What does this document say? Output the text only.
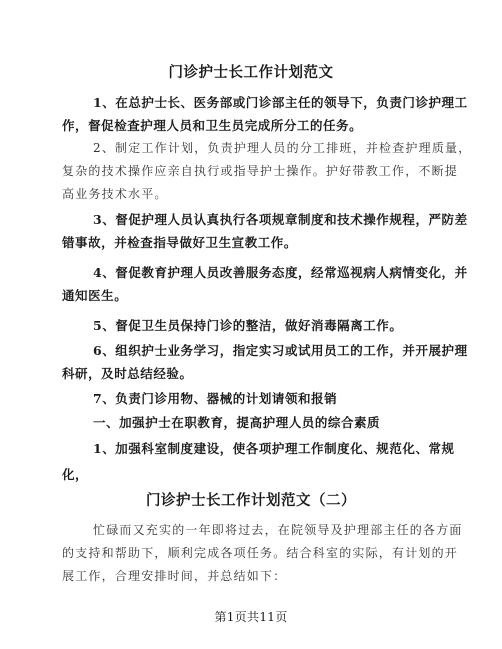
门诊护士长工作计划范文
1、在总护士长、医务部或门诊部主任的领导下，负责门诊护理工
作，督促检查护理人员和卫生员完成所分工的任务。
2、制定工作计划，负责护理人员的分工排班，并检查护理质量，
复杂的技术操作应亲自执行或指导护士操作。护好带教工作，不断提
高业务技术水平。
3、督促护理人员认真执行各项规章制度和技术操作规程，严防差
错事故，并检查指导做好卫生宣教工作。
4、督促教育护理人员改善服务态度，经常巡视病人病情变化，并
通知医生。
5、督促卫生员保持门诊的整洁，做好消毒隔离工作。
6、组织护士业务学习，指定实习或试用员工的工作，并开展护理
科研，及时总结经验。
7、负责门诊用物、器械的计划请领和报销
一、加强护士在职教育，提高护理人员的综合素质
1、加强科室制度建设，使各项护理工作制度化、规范化、常规
化，
门诊护士长工作计划范文（二）
忙碌而又充实的一年即将过去，在院领导及护理部主任的各方面
的支持和帮助下，顺利完成各项任务。结合科室的实际，有计划的开
展工作，合理安排时间，并总结如下：
第1页共11页
